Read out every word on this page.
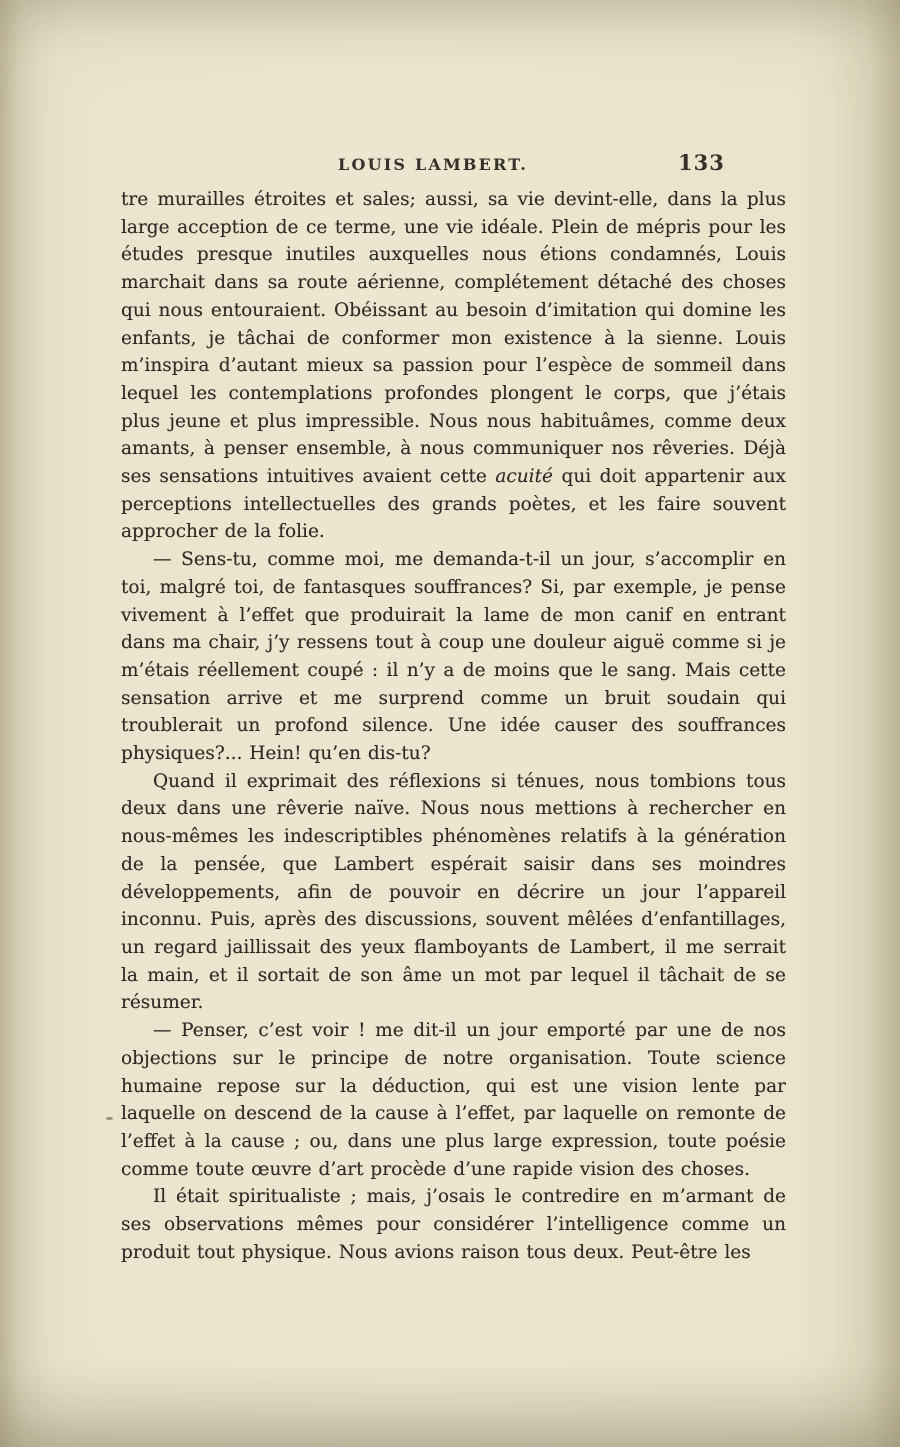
LOUIS LAMBERT.	133

tre murailles étroites et sales; aussi, sa vie devint-elle, dans la plus large acception de ce terme, une vie idéale. Plein de mépris pour les études presque inutiles auxquelles nous étions condamnés, Louis marchait dans sa route aérienne, complétement détaché des choses qui nous entouraient. Obéissant au besoin d’imitation qui domine les enfants, je tâchai de conformer mon existence à la sienne. Louis m’inspira d’autant mieux sa passion pour l’espèce de sommeil dans lequel les contemplations profondes plongent le corps, que j’étais plus jeune et plus impressible. Nous nous habituâmes, comme deux amants, à penser ensemble, à nous communiquer nos rêveries. Déjà ses sensations intuitives avaient cette acuité qui doit appartenir aux perceptions intellectuelles des grands poètes, et les faire souvent approcher de la folie.

— Sens-tu, comme moi, me demanda-t-il un jour, s’accomplir en toi, malgré toi, de fantasques souffrances? Si, par exemple, je pense vivement à l’effet que produirait la lame de mon canif en entrant dans ma chair, j’y ressens tout à coup une douleur aiguë comme si je m’étais réellement coupé : il n’y a de moins que le sang. Mais cette sensation arrive et me surprend comme un bruit soudain qui troublerait un profond silence. Une idée causer des souffrances physiques?... Hein! qu’en dis-tu?

Quand il exprimait des réflexions si ténues, nous tombions tous deux dans une rêverie naïve. Nous nous mettions à rechercher en nous-mêmes les indescriptibles phénomènes relatifs à la génération de la pensée, que Lambert espérait saisir dans ses moindres développements, afin de pouvoir en décrire un jour l’appareil inconnu. Puis, après des discussions, souvent mêlées d’enfantillages, un regard jaillissait des yeux flamboyants de Lambert, il me serrait la main, et il sortait de son âme un mot par lequel il tâchait de se résumer.

— Penser, c’est voir ! me dit-il un jour emporté par une de nos objections sur le principe de notre organisation. Toute science humaine repose sur la déduction, qui est une vision lente par laquelle on descend de la cause à l’effet, par laquelle on remonte de l’effet à la cause ; ou, dans une plus large expression, toute poésie comme toute œuvre d’art procède d’une rapide vision des choses.

Il était spiritualiste ; mais, j’osais le contredire en m’armant de ses observations mêmes pour considérer l’intelligence comme un produit tout physique. Nous avions raison tous deux. Peut-être les
